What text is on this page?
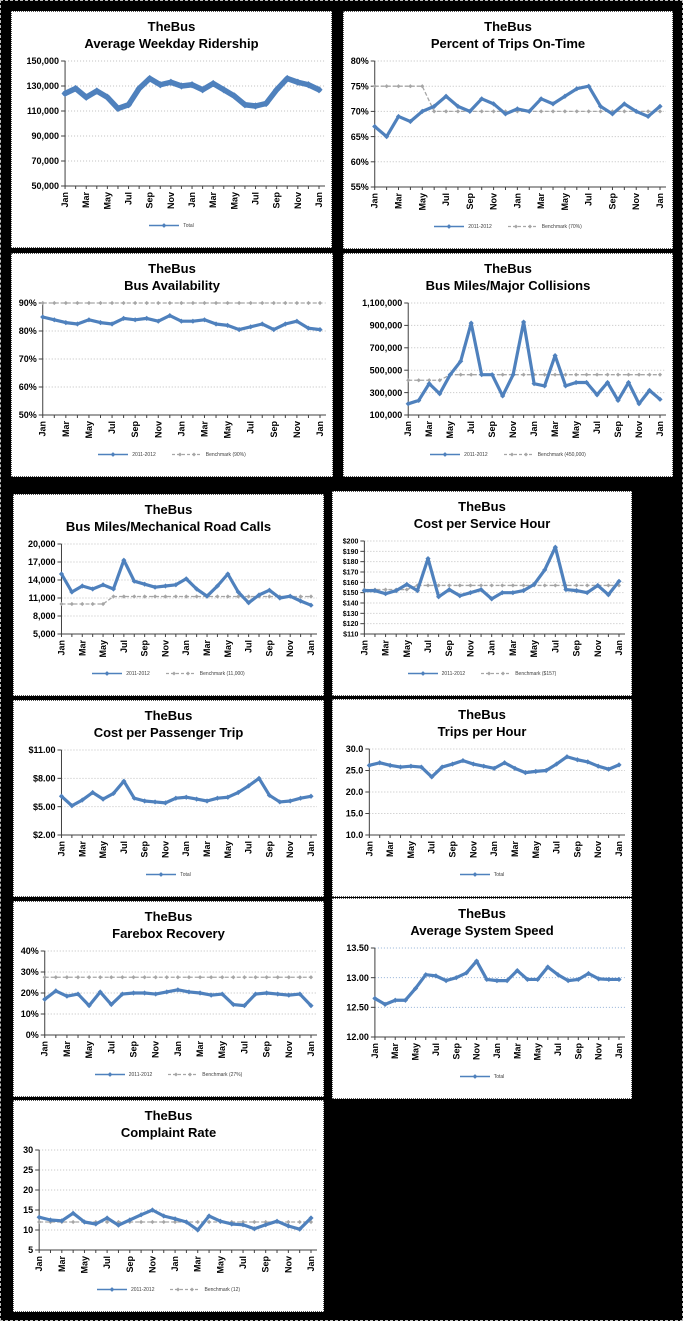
TheBus
Average Weekday Ridership
150,000
130,000
110,000
90,000
70,000
50,000
Jan Mar May Jul Sep Nov Jan Mar May Jul Sep Nov Jan
Total
TheBus
Percent of Trips On-Time
80%
75%
70%
65%
60%
55%
Jan Mar May Jul Sep Nov Jan Mar May Jul Sep Nov Jan
2011-2012	Benchmark (70%)
TheBus
Bus Availability
90%
80%
70%
60%
50%
Jan Mar May Jul Sep Nov Jan Mar May Jul Sep Nov Jan
2011-2012	Benchmark (90%)
TheBus
Bus Miles/Major Collisions
1,100,000
900,000
700,000
500,000
300,000
100,000
Jan Mar May Jul Sep Nov Jan Mar May Jul Sep Nov Jan
2011-2012	Benchmark (450,000)
TheBus
Bus Miles/Mechanical Road Calls
20,000
17,000
14,000
11,000
8,000
5,000
Jan Mar May Jul Sep Nov Jan Mar May Jul Sep Nov Jan
2011-2012	Benchmark (11,000)
TheBus
Cost per Service Hour
$200
$190
$180
$170
$160
$150
$140
$130
$120
$110
Jan Mar May Jul Sep Nov Jan Mar May Jul Sep Nov Jan
2011-2012	Benchmark ($157)
TheBus
Cost per Passenger Trip
$11.00
$8.00
$5.00
$2.00
Jan Mar May Jul Sep Nov Jan Mar May Jul Sep Nov Jan
Total
TheBus
Trips per Hour
30.0
25.0
20.0
15.0
10.0
Jan Mar May Jul Sep Nov Jan Mar May Jul Sep Nov Jan
Total
TheBus
Farebox Recovery
40%
30%
20%
10%
0%
Jan Mar May Jul Sep Nov Jan Mar May Jul Sep Nov Jan
2011-2012	Benchmark (27%)
TheBus
Average System Speed
13.50
13.00
12.50
12.00
Jan Mar May Jul Sep Nov Jan Mar May Jul Sep Nov Jan
Total
TheBus
Complaint Rate
30
25
20
15
10
5
Jan Mar May Jul Sep Nov Jan Mar May Jul Sep Nov Jan
2011-2012	Benchmark (12)
